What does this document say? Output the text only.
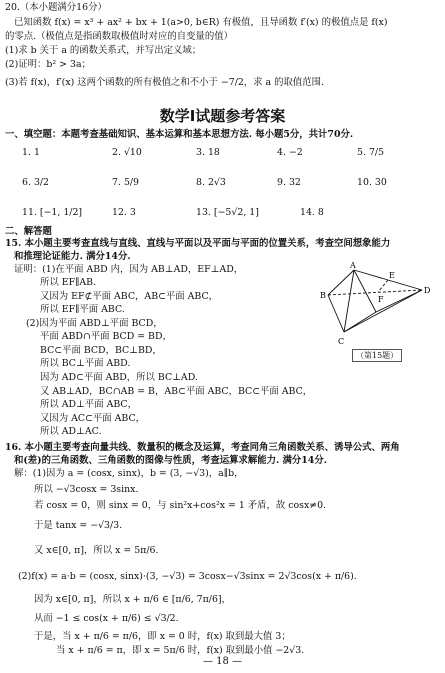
20.（本小题满分16分）
已知函数 f(x) = x³ + ax² + bx + 1(a>0, b∈R) 有极值，且导函数 f′(x) 的极值点是 f(x)
的零点.（极值点是指函数取极值时对应的自变量的值）
(1)求 b 关于 a 的函数关系式，并写出定义域；
(2)证明：b² > 3a；
(3)若 f(x)，f′(x) 这两个函数的所有极值之和不小于 −7/2，求 a 的取值范围.
数学Ⅰ试题参考答案
一、填空题：本题考查基础知识、基本运算和基本思想方法. 每小题5分，共计70分.
1. 1	2. √10	3. 18	4. −2	5. 7/5
6. 3/2	7. 5/9	8. 2√3	9. 32	10. 30
11. [−1, 1/2]	12. 3	13. [−5√2, 1]	14. 8
二、解答题
15. 本小题主要考查直线与直线、直线与平面以及平面与平面的位置关系，考查空间想象能力
和推理论证能力. 满分14分.
证明：(1)在平面 ABD 内，因为 AB⊥AD，EF⊥AD，
所以 EF∥AB.
又因为 EF⊄平面 ABC，AB⊂平面 ABC，
所以 EF∥平面 ABC.
(2)因为平面 ABD⊥平面 BCD，
平面 ABD∩平面 BCD = BD，
BC⊂平面 BCD，BC⊥BD，
所以 BC⊥平面 ABD.
因为 AD⊂平面 ABD，所以 BC⊥AD.
又 AB⊥AD，BC∩AB = B，AB⊂平面 ABC，BC⊂平面 ABC，
所以 AD⊥平面 ABC，
又因为 AC⊂平面 ABC，
所以 AD⊥AC.
A
B
C
D
E
F
（第15题）
16. 本小题主要考查向量共线、数量积的概念及运算，考查同角三角函数关系、诱导公式、两角
和(差)的三角函数、三角函数的图像与性质，考查运算求解能力. 满分14分.
解：(1)因为 a = (cosx, sinx)，b = (3, −√3)，a∥b，
所以 −√3cosx = 3sinx.
若 cosx = 0，则 sinx = 0，与 sin²x+cos²x = 1 矛盾，故 cosx≠0.
于是 tanx = −√3/3.
又 x∈[0, π]，所以 x = 5π/6.
(2)f(x) = a·b = (cosx, sinx)·(3, −√3) = 3cosx−√3sinx = 2√3cos(x + π/6).
因为 x∈[0, π]，所以 x + π/6 ∈ [π/6, 7π/6]，
从而 −1 ≤ cos(x + π/6) ≤ √3/2.
于是，当 x + π/6 = π/6，即 x = 0 时，f(x) 取到最大值 3；
当 x + π/6 = π，即 x = 5π/6 时，f(x) 取到最小值 −2√3.
— 18 —
